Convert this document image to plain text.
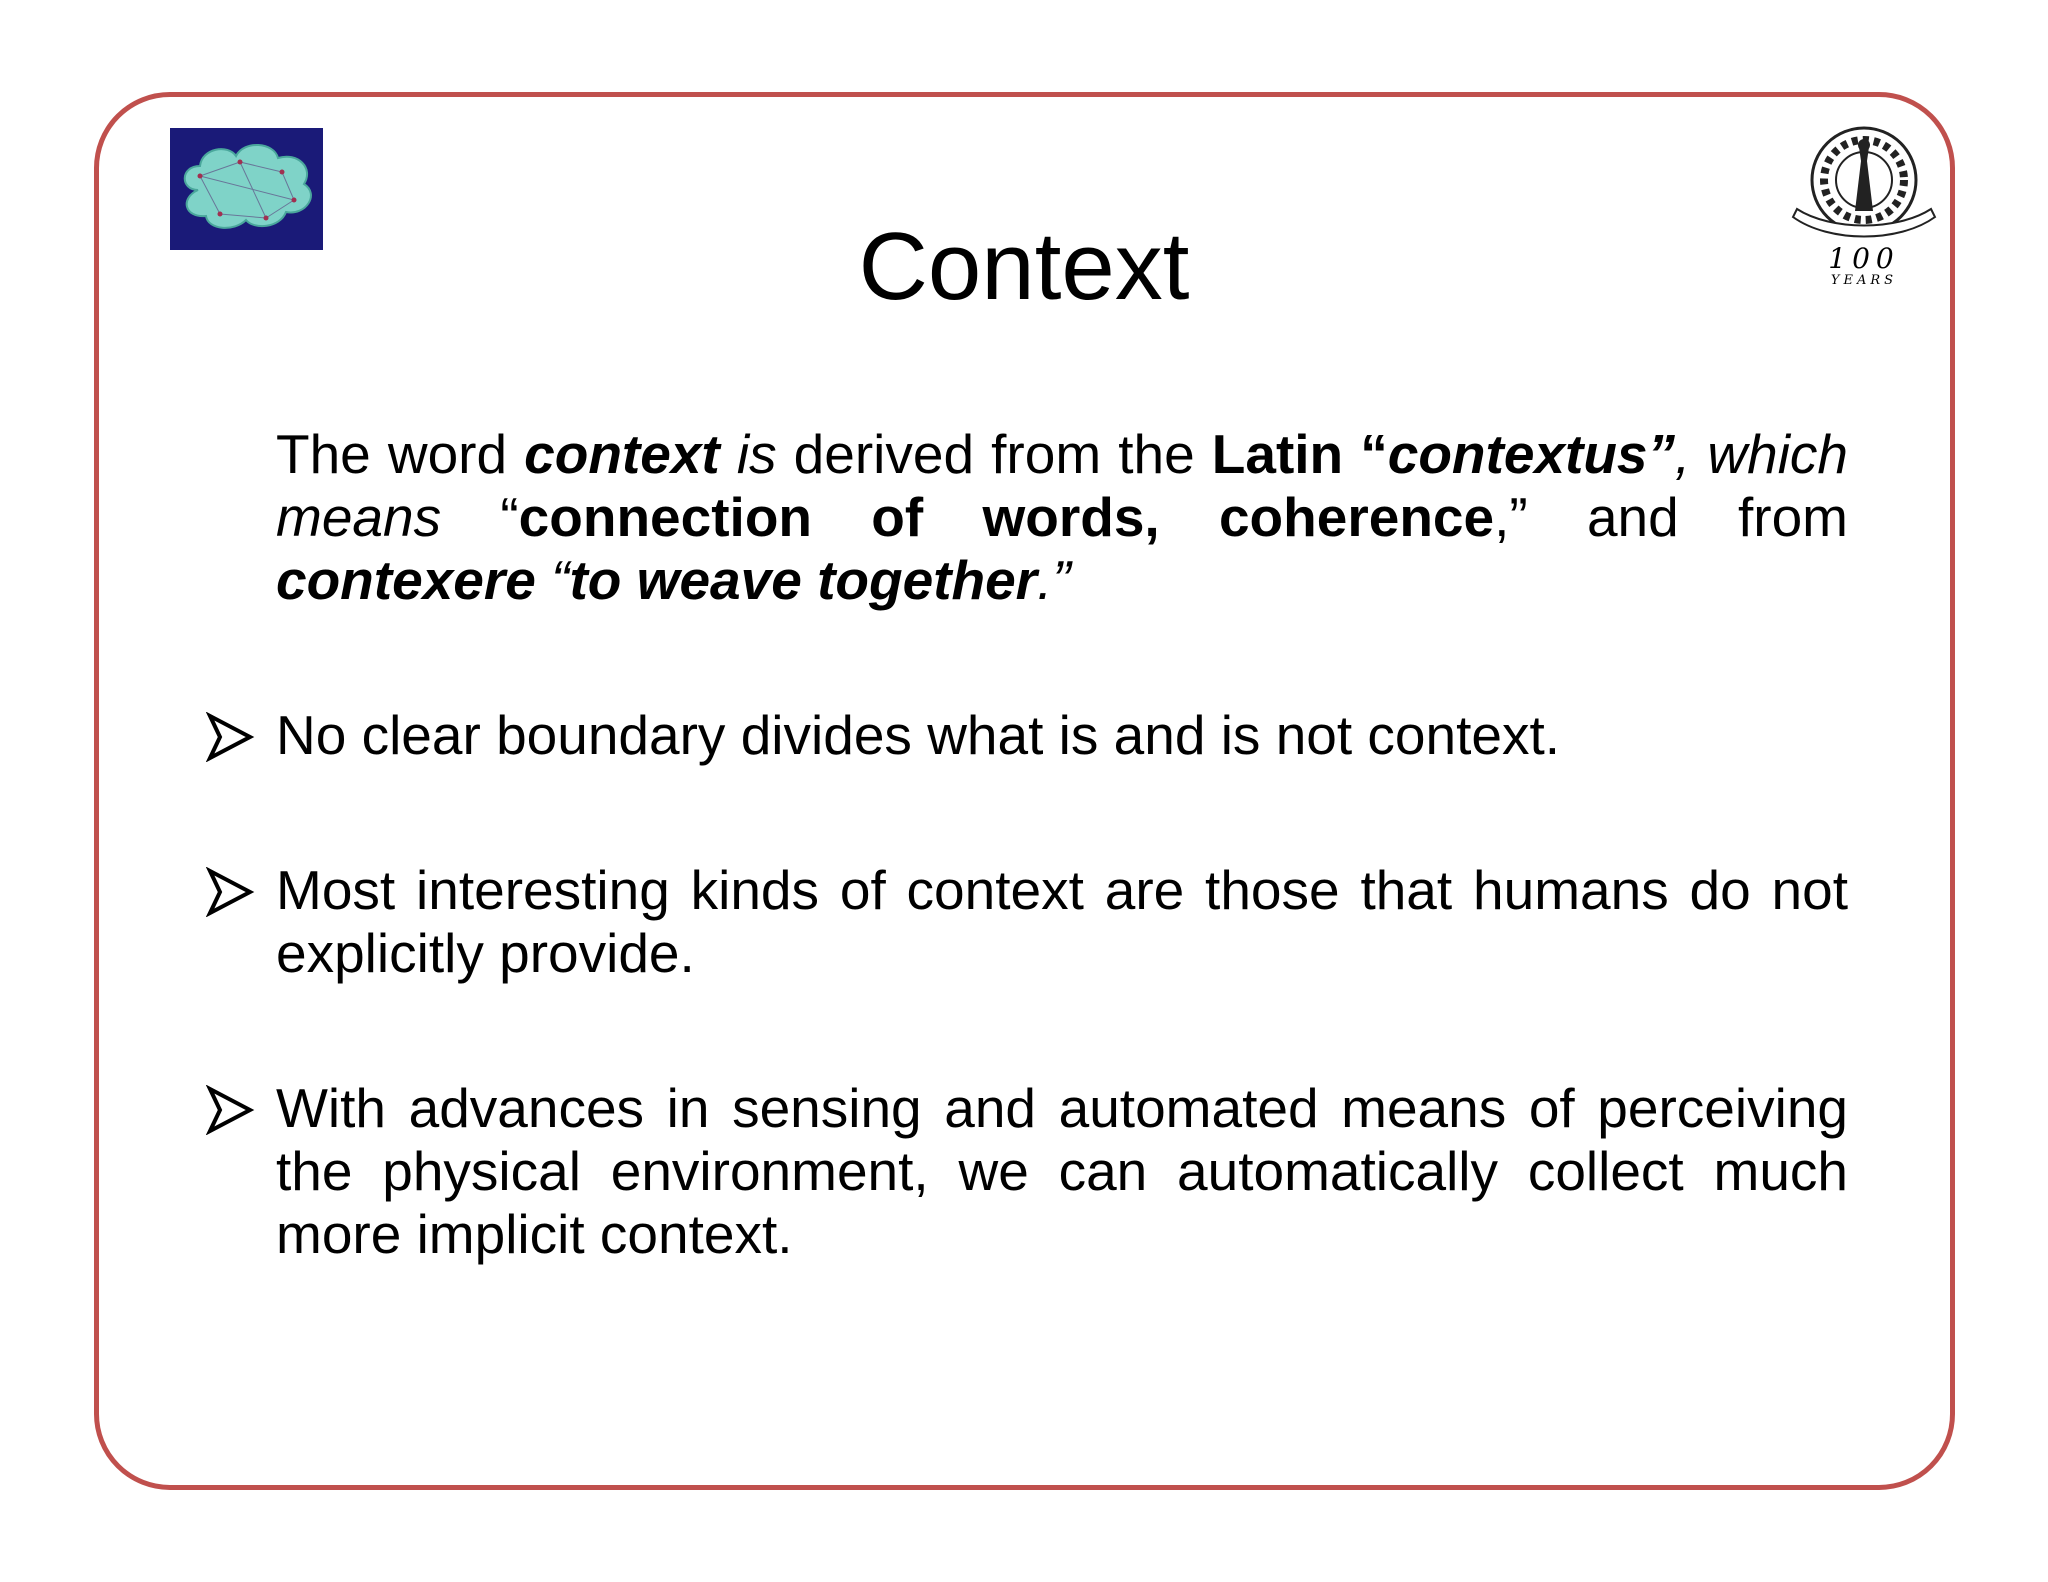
100
YEARS
Context
The word context is derived from the Latin “contextus”, which means “connection of words, coherence,” and from contexere “to weave together.”
No clear boundary divides what is and is not context.
Most interesting kinds of context are those that humans do not explicitly provide.
With advances in sensing and automated means of perceiving the physical environment, we can automatically collect much more implicit context.
